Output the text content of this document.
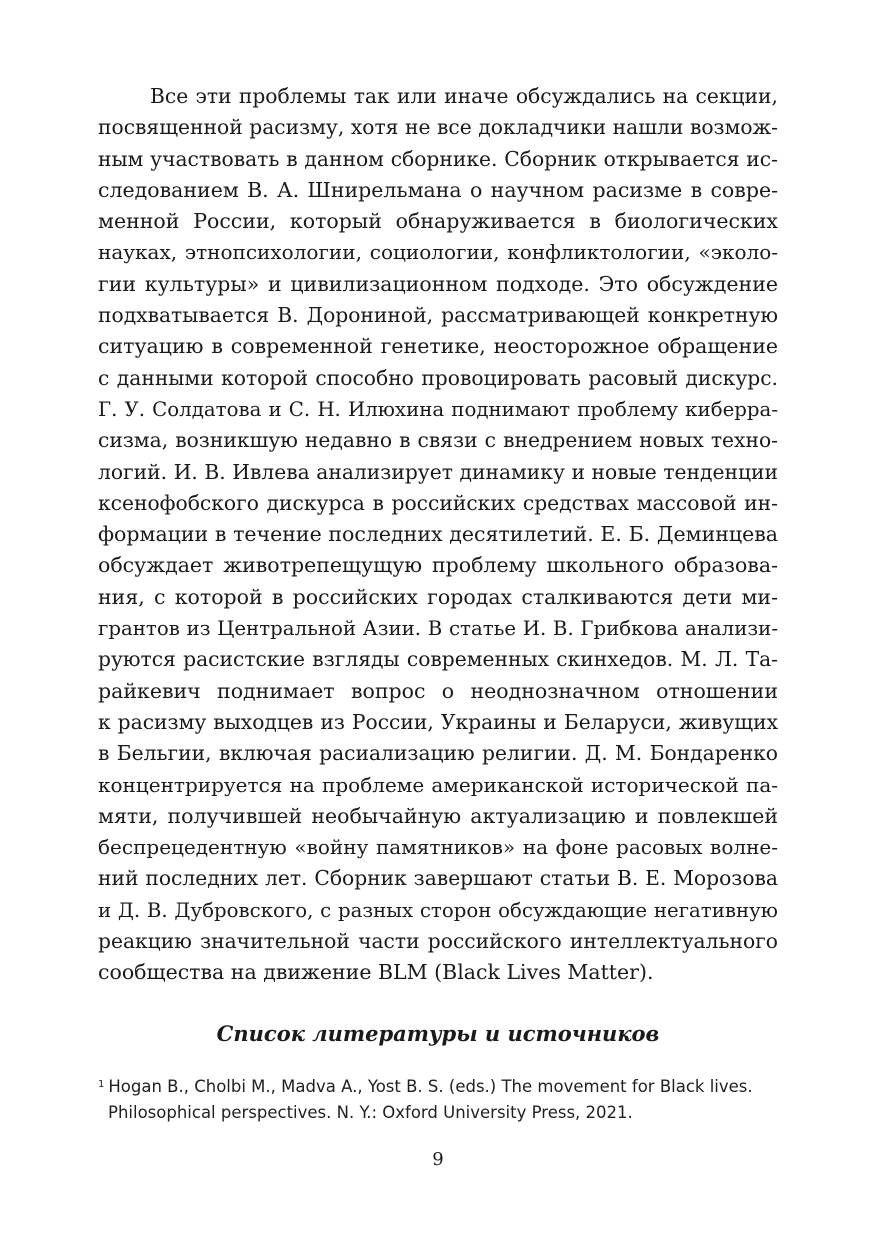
Все эти проблемы так или иначе обсуждались на секции,
посвященной расизму, хотя не все докладчики нашли возмож-
ным участвовать в данном сборнике. Сборник открывается ис-
следованием В. А. Шнирельмана о научном расизме в совре-
менной России, который обнаруживается в биологических
науках, этнопсихологии, социологии, конфликтологии, «эколо-
гии культуры» и цивилизационном подходе. Это обсуждение
подхватывается В. Дорониной, рассматривающей конкретную
ситуацию в современной генетике, неосторожное обращение
с данными которой способно провоцировать расовый дискурс.
Г. У. Солдатова и С. Н. Илюхина поднимают проблему киберра-
сизма, возникшую недавно в связи с внедрением новых техно-
логий. И. В. Ивлева анализирует динамику и новые тенденции
ксенофобского дискурса в российских средствах массовой ин-
формации в течение последних десятилетий. Е. Б. Деминцева
обсуждает животрепещущую проблему школьного образова-
ния, с которой в российских городах сталкиваются дети ми-
грантов из Центральной Азии. В статье И. В. Грибкова анализи-
руются расистские взгляды современных скинхедов. М. Л. Та-
райкевич поднимает вопрос о неоднозначном отношении
к расизму выходцев из России, Украины и Беларуси, живущих
в Бельгии, включая расиализацию религии. Д. М. Бондаренко
концентрируется на проблеме американской исторической па-
мяти, получившей необычайную актуализацию и повлекшей
беспрецедентную «войну памятников» на фоне расовых волне-
ний последних лет. Сборник завершают статьи В. Е. Морозова
и Д. В. Дубровского, с разных сторон обсуждающие негативную
реакцию значительной части российского интеллектуального
сообщества на движение BLM (Black Lives Matter).
Список литературы и источников
$^1$ Hogan B., Cholbi M., Madva A., Yost B. S. (eds.) The movement for Black lives.
Philosophical perspectives. N. Y.: Oxford University Press, 2021.
9
